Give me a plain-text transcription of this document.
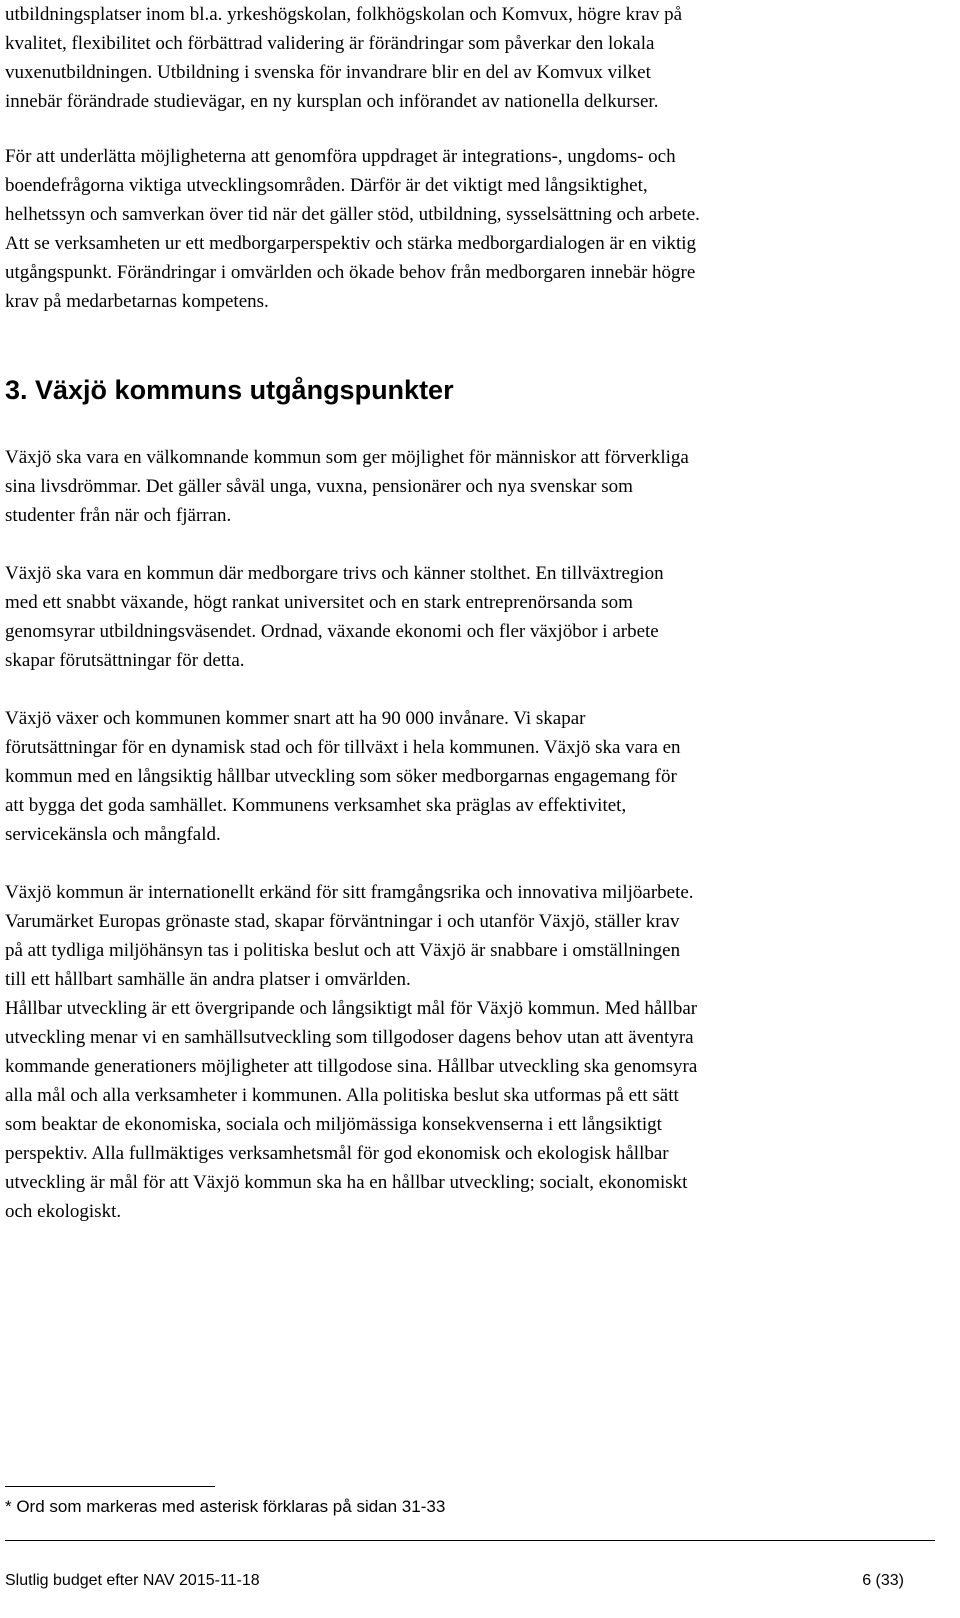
utbildningsplatser inom bl.a. yrkeshögskolan, folkhögskolan och Komvux, högre krav på
kvalitet, flexibilitet och förbättrad validering är förändringar som påverkar den lokala
vuxenutbildningen. Utbildning i svenska för invandrare blir en del av Komvux vilket
innebär förändrade studievägar, en ny kursplan och införandet av nationella delkurser.

För att underlätta möjligheterna att genomföra uppdraget är integrations-, ungdoms- och
boendefrågorna viktiga utvecklingsområden. Därför är det viktigt med långsiktighet,
helhetssyn och samverkan över tid när det gäller stöd, utbildning, sysselsättning och arbete.
Att se verksamheten ur ett medborgarperspektiv och stärka medborgardialogen är en viktig
utgångspunkt. Förändringar i omvärlden och ökade behov från medborgaren innebär högre
krav på medarbetarnas kompetens.

3. Växjö kommuns utgångspunkter

Växjö ska vara en välkomnande kommun som ger möjlighet för människor att förverkliga
sina livsdrömmar. Det gäller såväl unga, vuxna, pensionärer och nya svenskar som
studenter från när och fjärran.

Växjö ska vara en kommun där medborgare trivs och känner stolthet. En tillväxtregion
med ett snabbt växande, högt rankat universitet och en stark entreprenörsanda som
genomsyrar utbildningsväsendet. Ordnad, växande ekonomi och fler växjöbor i arbete
skapar förutsättningar för detta.

Växjö växer och kommunen kommer snart att ha 90 000 invånare. Vi skapar
förutsättningar för en dynamisk stad och för tillväxt i hela kommunen. Växjö ska vara en
kommun med en långsiktig hållbar utveckling som söker medborgarnas engagemang för
att bygga det goda samhället. Kommunens verksamhet ska präglas av effektivitet,
servicekänsla och mångfald.

Växjö kommun är internationellt erkänd för sitt framgångsrika och innovativa miljöarbete.
Varumärket Europas grönaste stad, skapar förväntningar i och utanför Växjö, ställer krav
på att tydliga miljöhänsyn tas i politiska beslut och att Växjö är snabbare i omställningen
till ett hållbart samhälle än andra platser i omvärlden.

Hållbar utveckling är ett övergripande och långsiktigt mål för Växjö kommun. Med hållbar
utveckling menar vi en samhällsutveckling som tillgodoser dagens behov utan att äventyra
kommande generationers möjligheter att tillgodose sina. Hållbar utveckling ska genomsyra
alla mål och alla verksamheter i kommunen. Alla politiska beslut ska utformas på ett sätt
som beaktar de ekonomiska, sociala och miljömässiga konsekvenserna i ett långsiktigt
perspektiv. Alla fullmäktiges verksamhetsmål för god ekonomisk och ekologisk hållbar
utveckling är mål för att Växjö kommun ska ha en hållbar utveckling; socialt, ekonomiskt
och ekologiskt.

* Ord som markeras med asterisk förklaras på sidan 31-33

Slutlig budget efter NAV 2015-11-18	6 (33)
